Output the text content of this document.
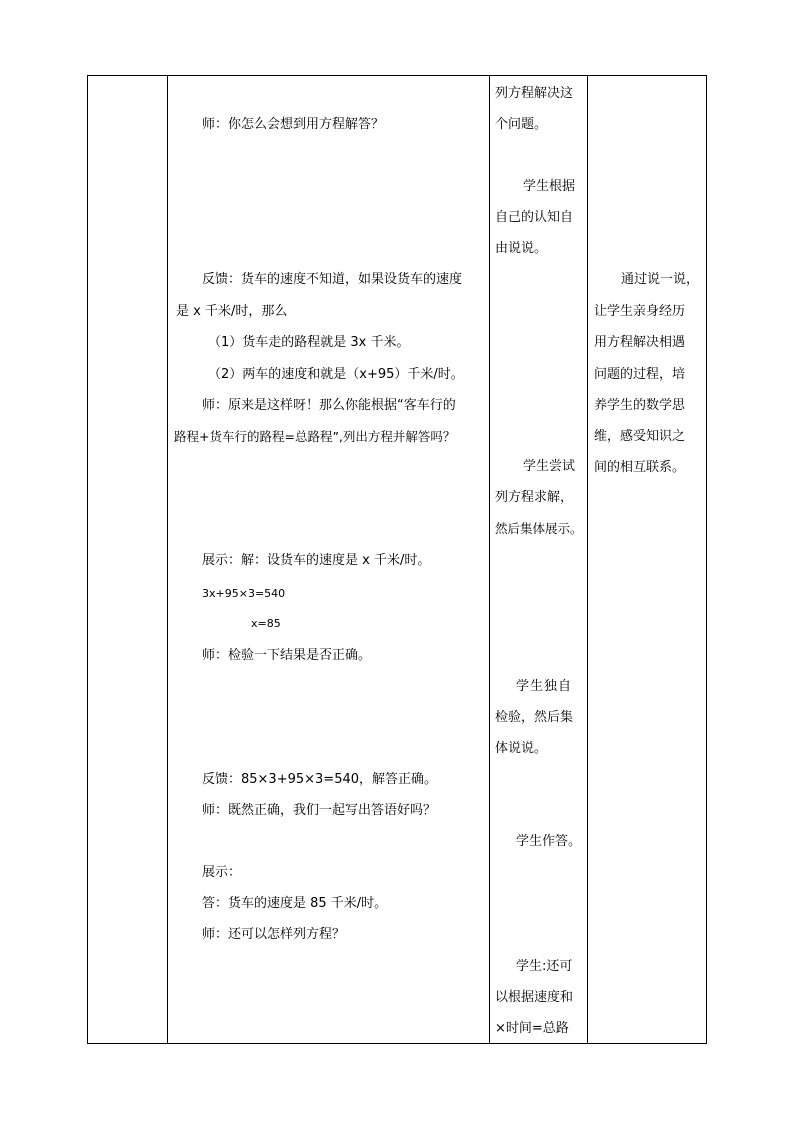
师：你怎么会想到用方程解答？
反馈：货车的速度不知道，如果设货车的速度
是 x 千米/时，那么
（1）货车走的路程就是 3x 千米。
（2）两车的速度和就是（x+95）千米/时。
师：原来是这样呀！那么你能根据“客车行的
路程+货车行的路程=总路程”,列出方程并解答吗？
展示：解：设货车的速度是 x 千米/时。
3x+95×3=540
x=85
师：检验一下结果是否正确。
反馈：85×3+95×3=540，解答正确。
师：既然正确，我们一起写出答语好吗？
展示：
答：货车的速度是 85 千米/时。
师：还可以怎样列方程？
列方程解决这
个问题。
学生根据
自己的认知自
由说说。
学生尝试
列方程求解，
然后集体展示。
学生独自
检验，然后集
体说说。
学生作答。
学生:还可
以根据速度和
×时间=总路
通过说一说，
让学生亲身经历
用方程解决相遇
问题的过程，培
养学生的数学思
维，感受知识之
间的相互联系。
